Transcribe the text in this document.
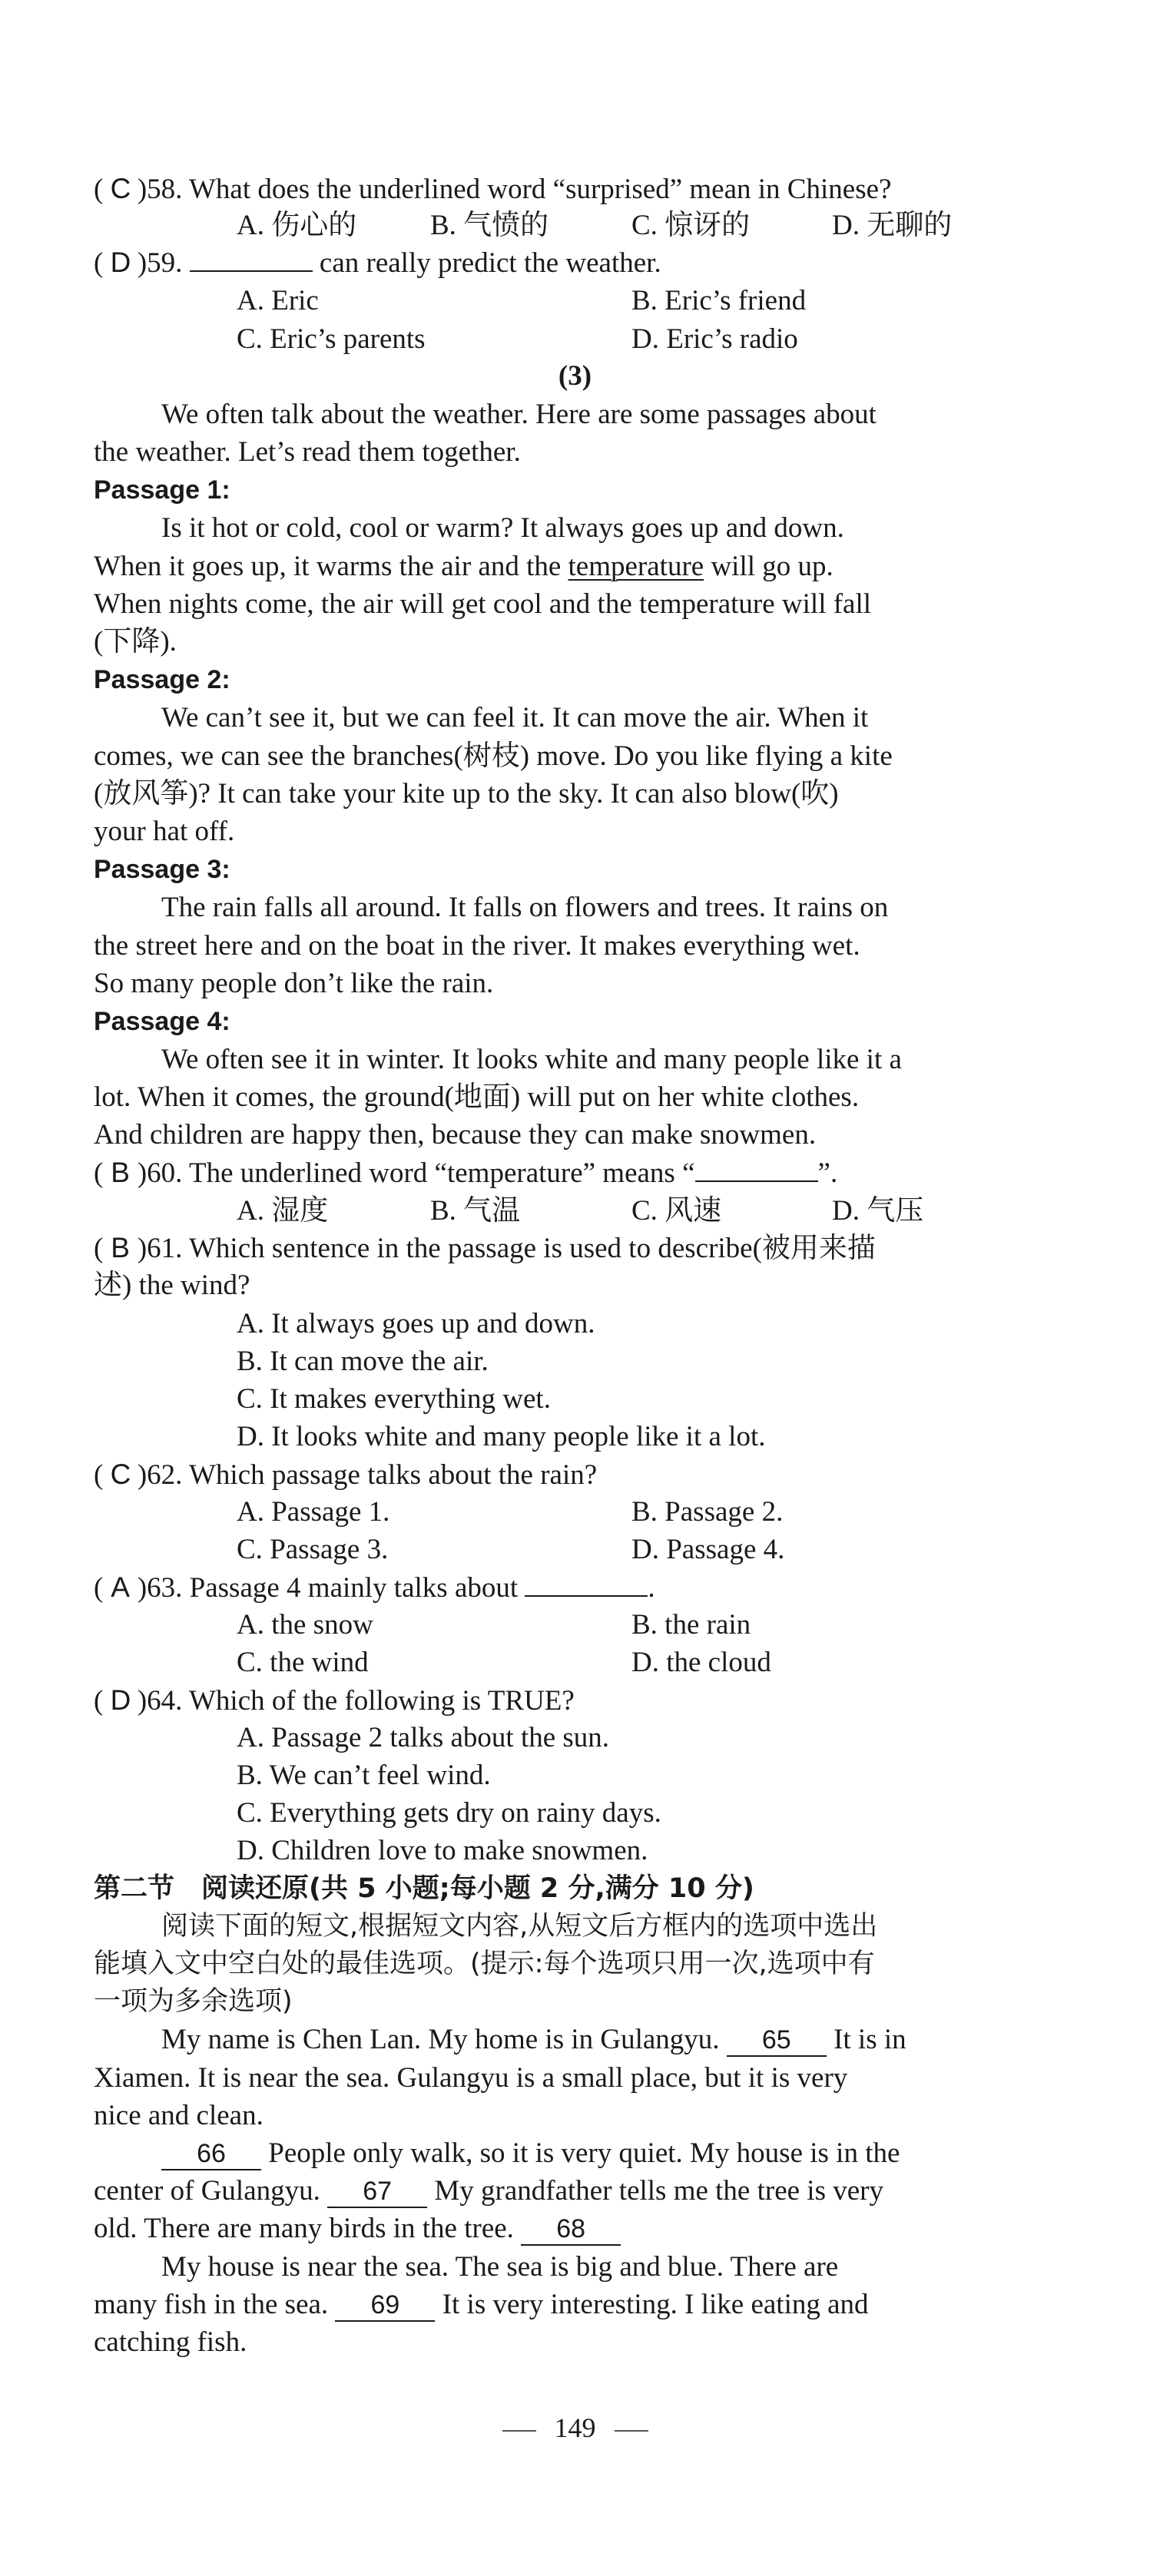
( C )58. What does the underlined word “surprised” mean in Chinese?
A. 伤心的	B. 气愤的	C. 惊讶的	D. 无聊的
( D )59.	can really predict the weather.
A. Eric	B. Eric’s friend
C. Eric’s parents	D. Eric’s radio
(3)
We often talk about the weather. Here are some passages about
the weather. Let’s read them together.
Passage 1:
Is it hot or cold, cool or warm? It always goes up and down.
When it goes up, it warms the air and the temperature will go up.
When nights come, the air will get cool and the temperature will fall
(下降).
Passage 2:
We can’t see it, but we can feel it. It can move the air. When it
comes, we can see the branches(树枝) move. Do you like flying a kite
(放风筝)? It can take your kite up to the sky. It can also blow(吹)
your hat off.
Passage 3:
The rain falls all around. It falls on flowers and trees. It rains on
the street here and on the boat in the river. It makes everything wet.
So many people don’t like the rain.
Passage 4:
We often see it in winter. It looks white and many people like it a
lot. When it comes, the ground(地面) will put on her white clothes.
And children are happy then, because they can make snowmen.
( B )60. The underlined word “temperature” means “	”.
A. 湿度	B. 气温	C. 风速	D. 气压
( B )61. Which sentence in the passage is used to describe(被用来描
述) the wind?
A. It always goes up and down.
B. It can move the air.
C. It makes everything wet.
D. It looks white and many people like it a lot.
( C )62. Which passage talks about the rain?
A. Passage 1.	B. Passage 2.
C. Passage 3.	D. Passage 4.
( A )63. Passage 4 mainly talks about	.
A. the snow	B. the rain
C. the wind	D. the cloud
( D )64. Which of the following is TRUE?
A. Passage 2 talks about the sun.
B. We can’t feel wind.
C. Everything gets dry on rainy days.
D. Children love to make snowmen.
第二节　阅读还原(共 5 小题;每小题 2 分,满分 10 分)
阅读下面的短文,根据短文内容,从短文后方框内的选项中选出
能填入文中空白处的最佳选项。(提示:每个选项只用一次,选项中有
一项为多余选项)
My name is Chen Lan. My home is in Gulangyu. 65 It is in
Xiamen. It is near the sea. Gulangyu is a small place, but it is very
nice and clean.
66 People only walk, so it is very quiet. My house is in the
center of Gulangyu. 67 My grandfather tells me the tree is very
old. There are many birds in the tree. 68
My house is near the sea. The sea is big and blue. There are
many fish in the sea. 69 It is very interesting. I like eating and
catching fish.
149
